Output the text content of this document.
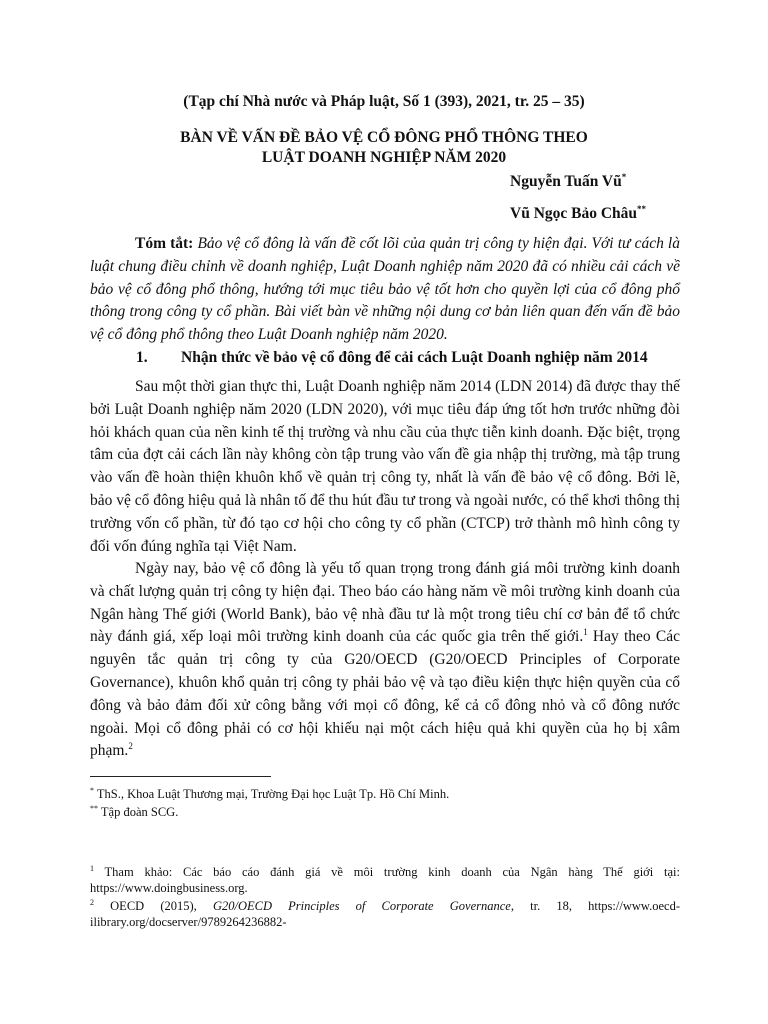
(Tạp chí Nhà nước và Pháp luật, Số 1 (393), 2021, tr. 25 – 35)
BÀN VỀ VẤN ĐỀ BẢO VỆ CỔ ĐÔNG PHỔ THÔNG THEO
LUẬT DOANH NGHIỆP NĂM 2020
Nguyễn Tuấn Vũ*
Vũ Ngọc Bảo Châu**
Tóm tắt: Bảo vệ cổ đông là vấn đề cốt lõi của quản trị công ty hiện đại. Với tư cách là luật chung điều chỉnh về doanh nghiệp, Luật Doanh nghiệp năm 2020 đã có nhiều cải cách về bảo vệ cổ đông phổ thông, hướng tới mục tiêu bảo vệ tốt hơn cho quyền lợi của cổ đông phổ thông trong công ty cổ phần. Bài viết bàn về những nội dung cơ bản liên quan đến vấn đề bảo vệ cổ đông phổ thông theo Luật Doanh nghiệp năm 2020.
1. Nhận thức về bảo vệ cổ đông để cải cách Luật Doanh nghiệp năm 2014
Sau một thời gian thực thi, Luật Doanh nghiệp năm 2014 (LDN 2014) đã được thay thế bởi Luật Doanh nghiệp năm 2020 (LDN 2020), với mục tiêu đáp ứng tốt hơn trước những đòi hỏi khách quan của nền kinh tế thị trường và nhu cầu của thực tiễn kinh doanh. Đặc biệt, trọng tâm của đợt cải cách lần này không còn tập trung vào vấn đề gia nhập thị trường, mà tập trung vào vấn đề hoàn thiện khuôn khổ về quản trị công ty, nhất là vấn đề bảo vệ cổ đông. Bởi lẽ, bảo vệ cổ đông hiệu quả là nhân tố để thu hút đầu tư trong và ngoài nước, có thể khơi thông thị trường vốn cổ phần, từ đó tạo cơ hội cho công ty cổ phần (CTCP) trở thành mô hình công ty đối vốn đúng nghĩa tại Việt Nam.
Ngày nay, bảo vệ cổ đông là yếu tố quan trọng trong đánh giá môi trường kinh doanh và chất lượng quản trị công ty hiện đại. Theo báo cáo hàng năm về môi trường kinh doanh của Ngân hàng Thế giới (World Bank), bảo vệ nhà đầu tư là một trong tiêu chí cơ bản để tổ chức này đánh giá, xếp loại môi trường kinh doanh của các quốc gia trên thế giới.$^1$ Hay theo Các nguyên tắc quản trị công ty của G20/OECD (G20/OECD Principles of Corporate Governance), khuôn khổ quản trị công ty phải bảo vệ và tạo điều kiện thực hiện quyền của cổ đông và bảo đảm đối xử công bằng với mọi cổ đông, kể cả cổ đông nhỏ và cổ đông nước ngoài. Mọi cổ đông phải có cơ hội khiếu nại một cách hiệu quả khi quyền của họ bị xâm phạm.$^2$
* ThS., Khoa Luật Thương mại, Trường Đại học Luật Tp. Hồ Chí Minh.
** Tập đoàn SCG.
$^1$ Tham khảo: Các báo cáo đánh giá về môi trường kinh doanh của Ngân hàng Thế giới tại: https://www.doingbusiness.org.
$^2$ OECD (2015), G20/OECD Principles of Corporate Governance, tr. 18, https://www.oecd-ilibrary.org/docserver/9789264236882-
